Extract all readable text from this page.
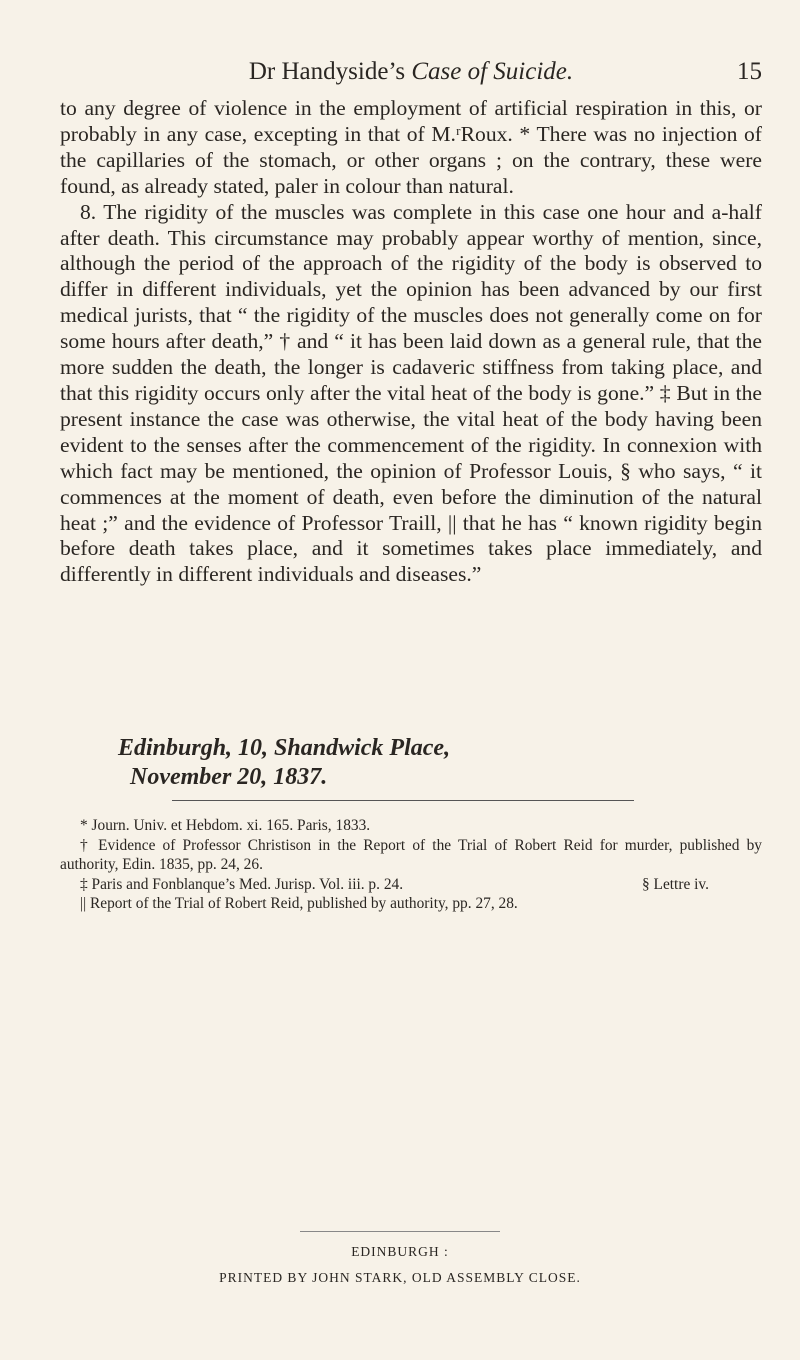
Dr Handyside’s Case of Suicide.	15

to any degree of violence in the employment of artificial respiration in this, or probably in any case, excepting in that of M.ʳRoux. * There was no injection of the capillaries of the stomach, or other organs ; on the contrary, these were found, as already stated, paler in colour than natural.

8. The rigidity of the muscles was complete in this case one hour and a-half after death. This circumstance may probably appear worthy of mention, since, although the period of the approach of the rigidity of the body is observed to differ in different individuals, yet the opinion has been advanced by our first medical jurists, that “ the rigidity of the muscles does not generally come on for some hours after death,” † and “ it has been laid down as a general rule, that the more sudden the death, the longer is cadaveric stiffness from taking place, and that this rigidity occurs only after the vital heat of the body is gone.” ‡ But in the present instance the case was otherwise, the vital heat of the body having been evident to the senses after the commencement of the rigidity. In connexion with which fact may be mentioned, the opinion of Professor Louis, § who says, “ it commences at the moment of death, even before the diminution of the natural heat ;” and the evidence of Professor Traill, || that he has “ known rigidity begin before death takes place, and it sometimes takes place immediately, and differently in different individuals and diseases.”

Edinburgh, 10, Shandwick Place,
November 20, 1837.

* Journ. Univ. et Hebdom. xi. 165. Paris, 1833.

† Evidence of Professor Christison in the Report of the Trial of Robert Reid for murder, published by authority, Edin. 1835, pp. 24, 26.

‡ Paris and Fonblanque’s Med. Jurisp. Vol. iii. p. 24.	§ Lettre iv.

|| Report of the Trial of Robert Reid, published by authority, pp. 27, 28.

EDINBURGH :
PRINTED BY JOHN STARK, OLD ASSEMBLY CLOSE.
